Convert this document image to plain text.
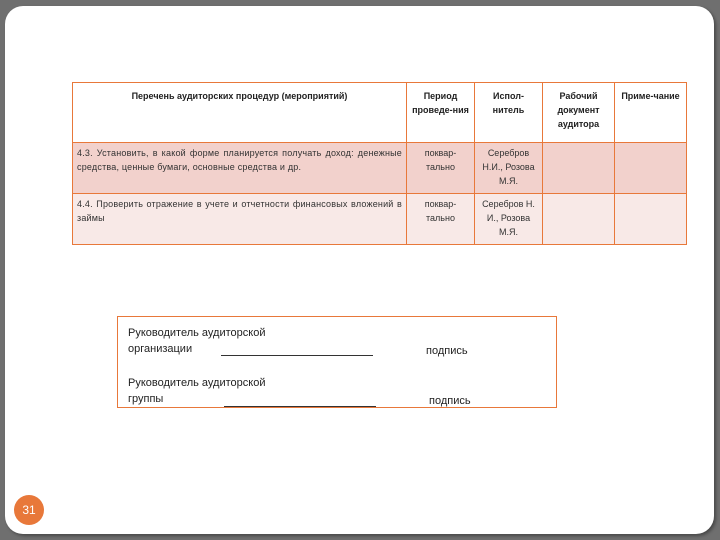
Перечень аудиторских процедур (мероприятий)	Период проведе-ния	Испол-нитель	Рабочий документ аудитора	Приме-чание
4.3. Установить, в какой форме планируется получать доход: денежные средства, ценные бумаги, основные средства и др.	поквар-тально	Серебров Н.И., Розова М.Я.		
4.4. Проверить отражение в учете и отчетности финансовых вложений в займы	поквар-тально	Серебров Н. И., Розова М.Я.		
Руководитель аудиторской
организации	подпись
Руководитель аудиторской
группы	подпись
31
